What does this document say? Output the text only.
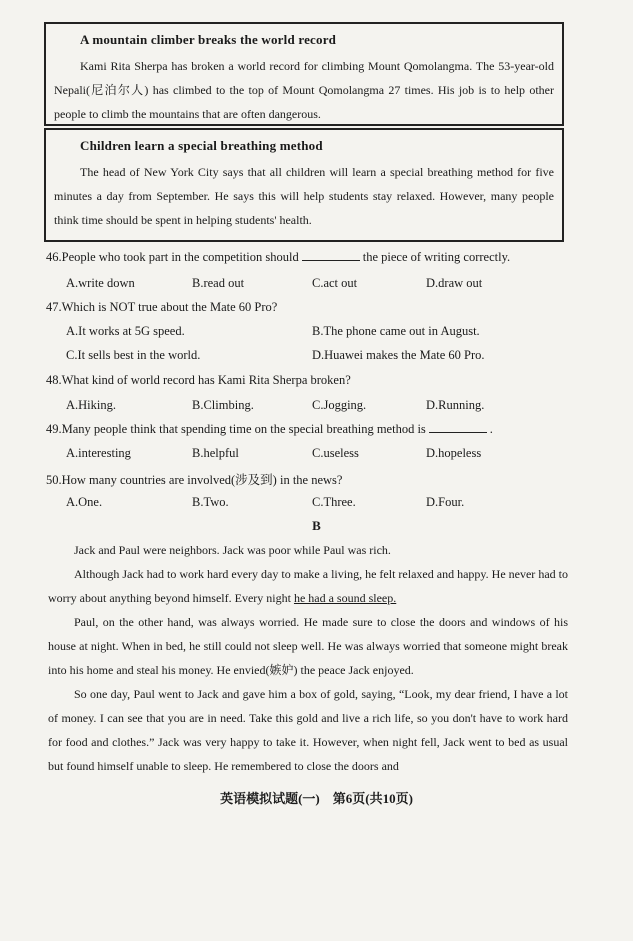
A mountain climber breaks the world record

Kami Rita Sherpa has broken a world record for climbing Mount Qomolangma. The 53-year-old Nepali(尼泊尔人) has climbed to the top of Mount Qomolangma 27 times. His job is to help other people to climb the mountains that are often dangerous.

Children learn a special breathing method

The head of New York City says that all children will learn a special breathing method for five minutes a day from September. He says this will help students stay relaxed. However, many people think time should be spent in helping students' health.

46.People who took part in the competition should	the piece of writing correctly.
A.write down	B.read out	C.act out	D.draw out
47.Which is NOT true about the Mate 60 Pro?
A.It works at 5G speed.	B.The phone came out in August.
C.It sells best in the world.	D.Huawei makes the Mate 60 Pro.
48.What kind of world record has Kami Rita Sherpa broken?
A.Hiking.	B.Climbing.	C.Jogging.	D.Running.
49.Many people think that spending time on the special breathing method is	.
A.interesting	B.helpful	C.useless	D.hopeless
50.How many countries are involved(涉及到) in the news?
A.One.	B.Two.	C.Three.	D.Four.
B

Jack and Paul were neighbors. Jack was poor while Paul was rich.

Although Jack had to work hard every day to make a living, he felt relaxed and happy. He never had to worry about anything beyond himself. Every night he had a sound sleep.

Paul, on the other hand, was always worried. He made sure to close the doors and windows of his house at night. When in bed, he still could not sleep well. He was always worried that someone might break into his home and steal his money. He envied(嫉妒) the peace Jack enjoyed.

So one day, Paul went to Jack and gave him a box of gold, saying, “Look, my dear friend, I have a lot of money. I can see that you are in need. Take this gold and live a rich life, so you don't have to work hard for food and clothes.” Jack was very happy to take it. However, when night fell, Jack went to bed as usual but found himself unable to sleep. He remembered to close the doors and

英语模拟试题(一)　第6页(共10页)
